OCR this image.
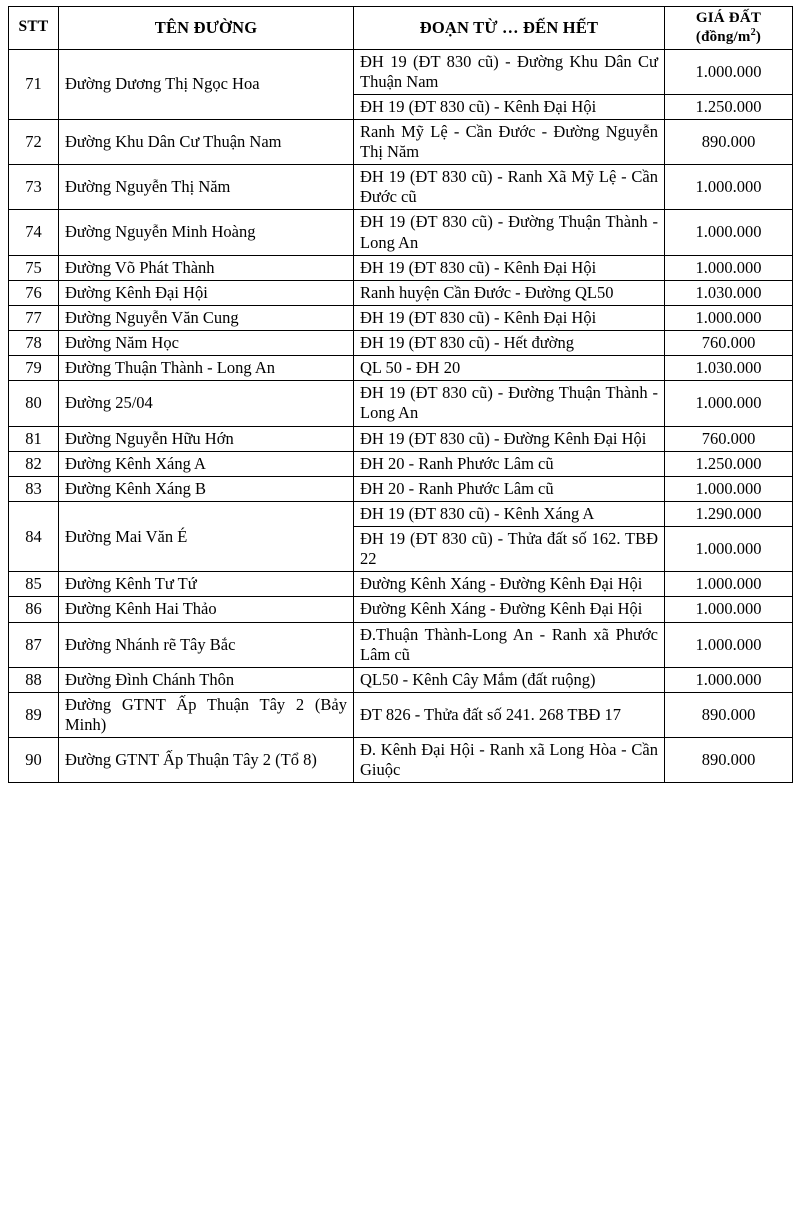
STT	TÊN ĐƯỜNG	ĐOẠN TỪ … ĐẾN HẾT	GIÁ ĐẤT
$(đồng/m^2)$

71	Đường Dương Thị Ngọc Hoa	ĐH 19 (ĐT 830 cũ) - Đường Khu Dân Cư Thuận Nam	1.000.000
		ĐH 19 (ĐT 830 cũ) - Kênh Đại Hội	1.250.000
72	Đường Khu Dân Cư Thuận Nam	Ranh Mỹ Lệ - Cần Đước - Đường Nguyễn Thị Năm	890.000
73	Đường Nguyễn Thị Năm	ĐH 19 (ĐT 830 cũ) - Ranh Xã Mỹ Lệ - Cần Đước cũ	1.000.000
74	Đường Nguyễn Minh Hoàng	ĐH 19 (ĐT 830 cũ) - Đường Thuận Thành - Long An	1.000.000
75	Đường Võ Phát Thành	ĐH 19 (ĐT 830 cũ) - Kênh Đại Hội	1.000.000
76	Đường Kênh Đại Hội	Ranh huyện Cần Đước - Đường QL50	1.030.000
77	Đường Nguyễn Văn Cung	ĐH 19 (ĐT 830 cũ) - Kênh Đại Hội	1.000.000
78	Đường Năm Học	ĐH 19 (ĐT 830 cũ) - Hết đường	760.000
79	Đường Thuận Thành - Long An	QL 50 - ĐH 20	1.030.000
80	Đường 25/04	ĐH 19 (ĐT 830 cũ) - Đường Thuận Thành - Long An	1.000.000
81	Đường Nguyễn Hữu Hớn	ĐH 19 (ĐT 830 cũ) - Đường Kênh Đại Hội	760.000
82	Đường Kênh Xáng A	ĐH 20 - Ranh Phước Lâm cũ	1.250.000
83	Đường Kênh Xáng B	ĐH 20 - Ranh Phước Lâm cũ	1.000.000
84	Đường Mai Văn É	ĐH 19 (ĐT 830 cũ) - Kênh Xáng A	1.290.000
		ĐH 19 (ĐT 830 cũ) - Thửa đất số 162. TBĐ 22	1.000.000
85	Đường Kênh Tư Tứ	Đường Kênh Xáng - Đường Kênh Đại Hội	1.000.000
86	Đường Kênh Hai Thảo	Đường Kênh Xáng - Đường Kênh Đại Hội	1.000.000
87	Đường Nhánh rẽ Tây Bắc	Đ.Thuận Thành-Long An - Ranh xã Phước Lâm cũ	1.000.000
88	Đường Đình Chánh Thôn	QL50 - Kênh Cây Mắm (đất ruộng)	1.000.000
89	Đường GTNT Ấp Thuận Tây 2 (Bảy Minh)	ĐT 826 - Thửa đất số 241. 268 TBĐ 17	890.000
90	Đường GTNT Ấp Thuận Tây 2 (Tổ 8)	Đ. Kênh Đại Hội - Ranh xã Long Hòa - Cần Giuộc	890.000
